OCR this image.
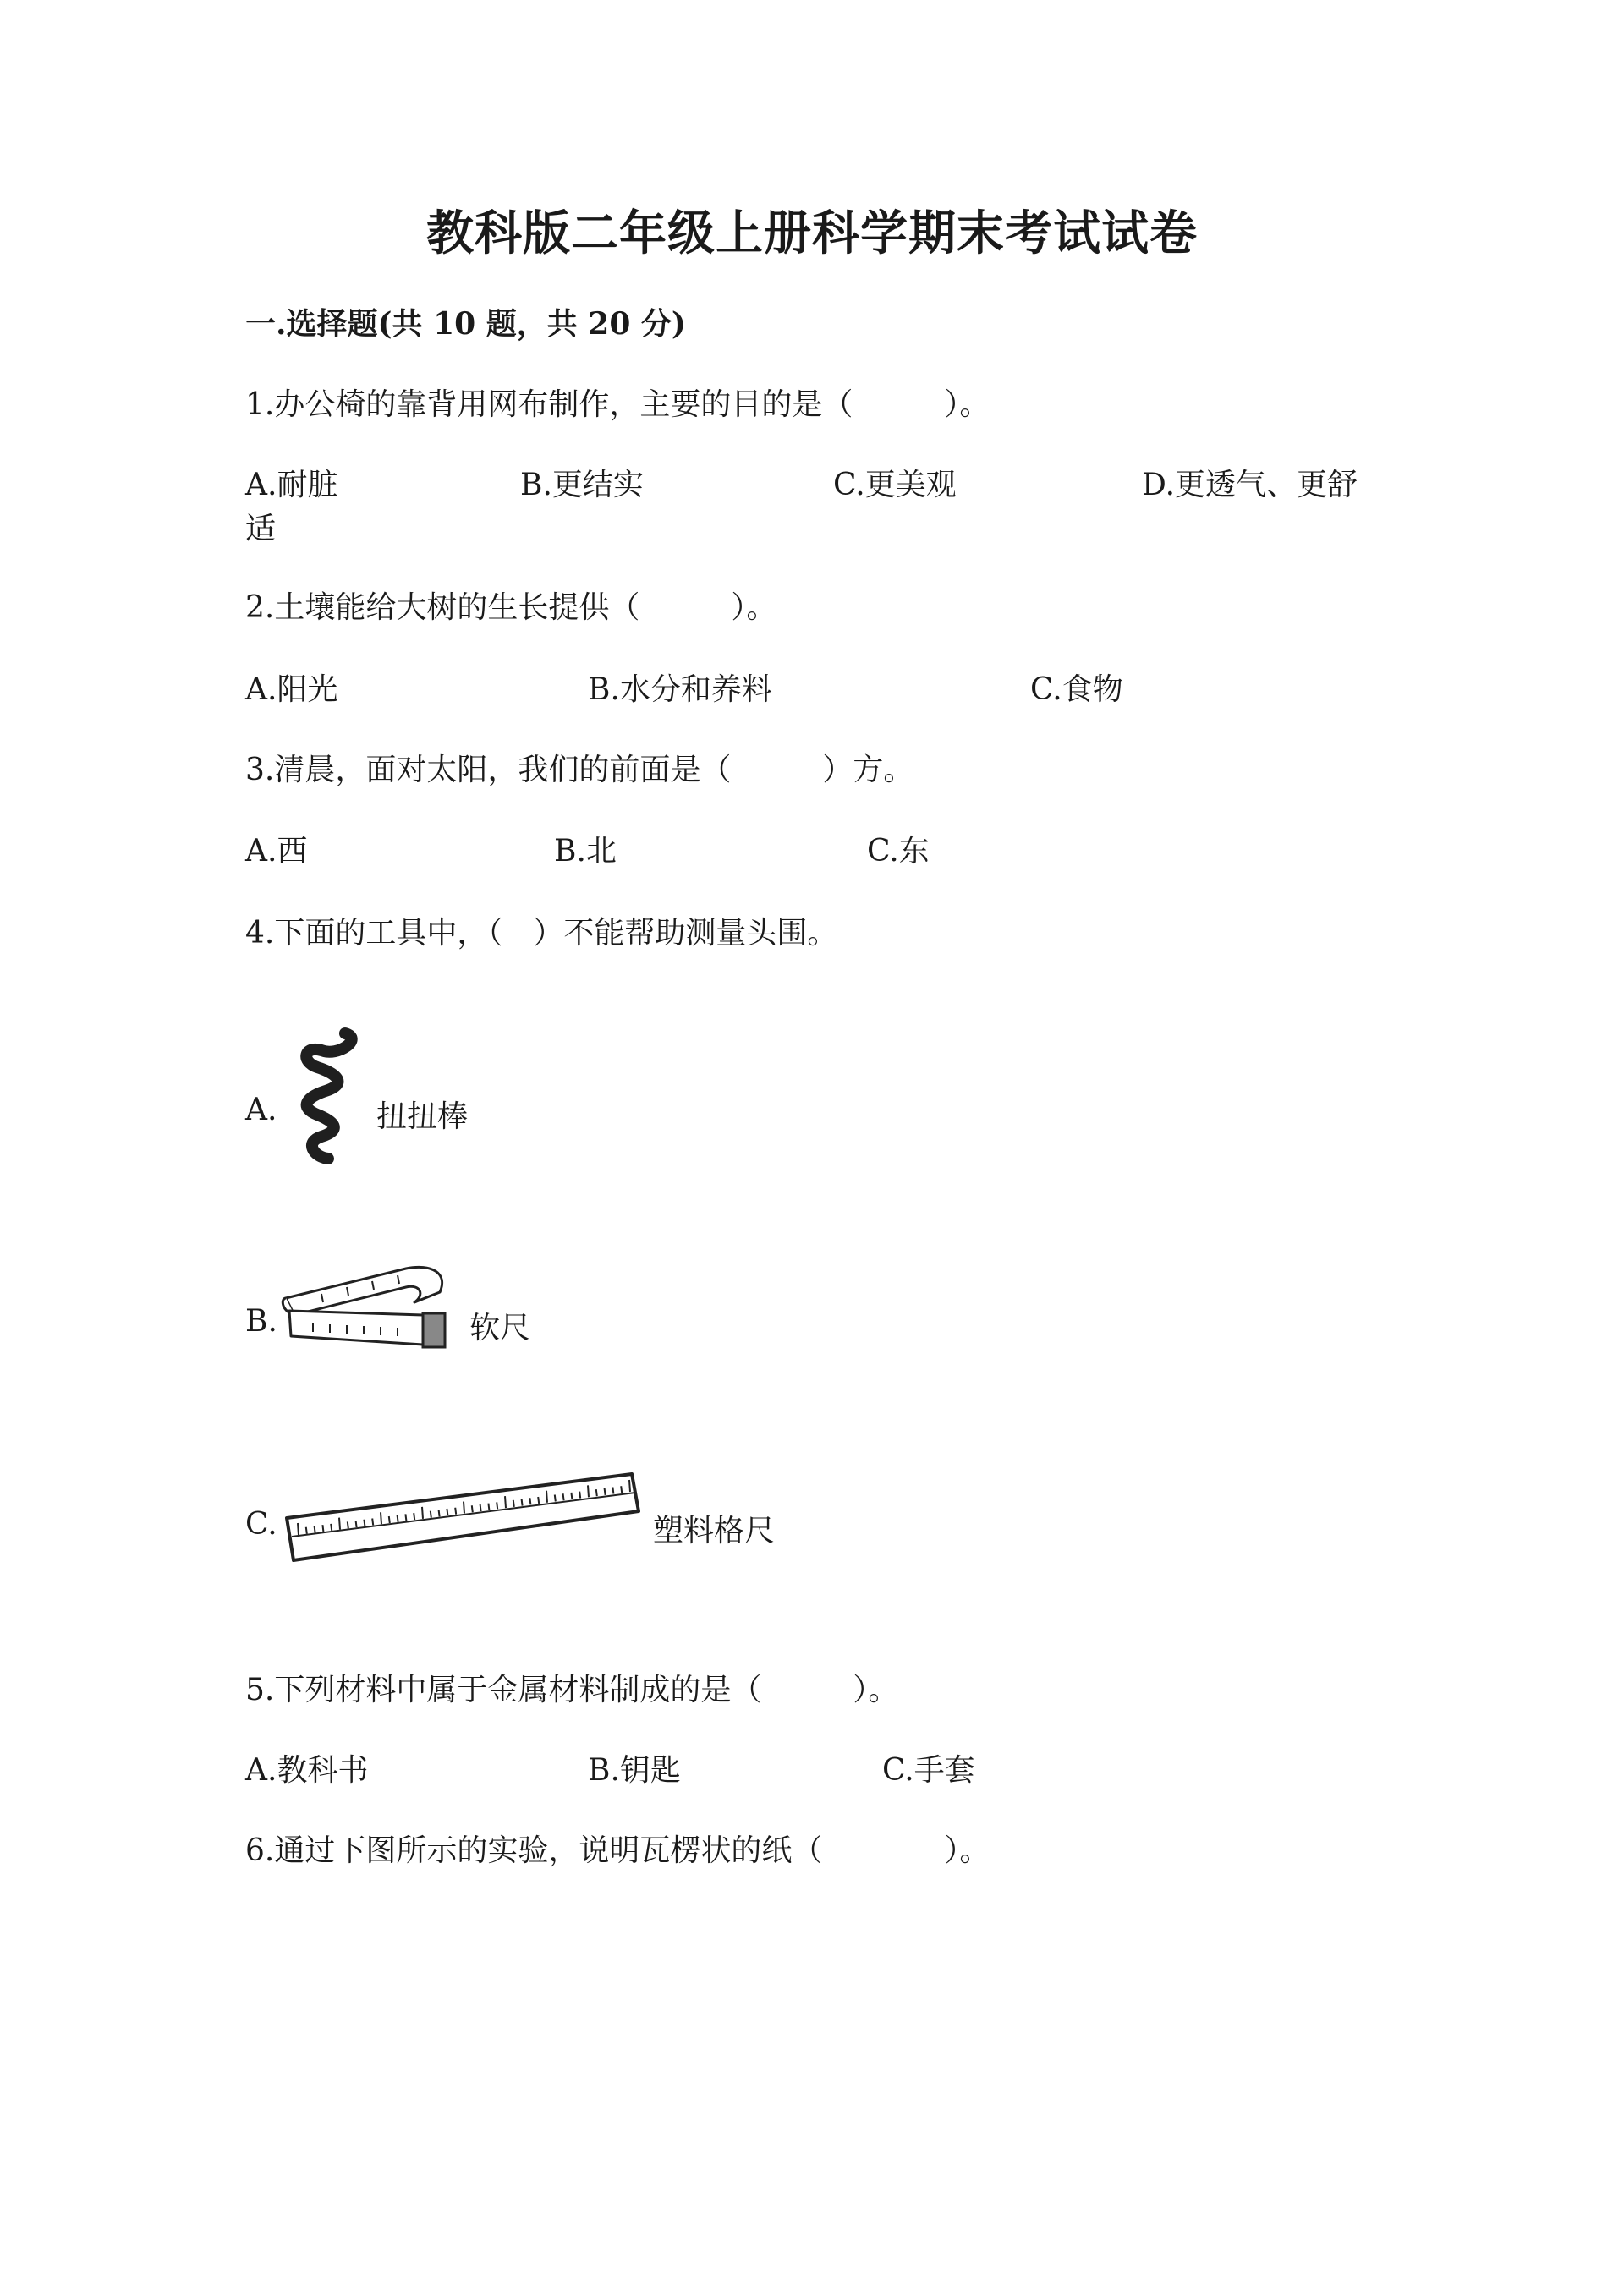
教科版二年级上册科学期末考试试卷
一.选择题(共 10 题，共 20 分)
1.办公椅的靠背用网布制作，主要的目的是（　　　）。
A.耐脏	B.更结实	C.更美观	D.更透气、更舒
适
2.土壤能给大树的生长提供（　　　）。
A.阳光	B.水分和养料	C.食物
3.清晨，面对太阳，我们的前面是（　　　）方。
A.西	B.北	C.东
4.下面的工具中，（　）不能帮助测量头围。
A.	扭扭棒
B.	软尺
C.	塑料格尺
5.下列材料中属于金属材料制成的是（　　　）。
A.教科书	B.钥匙	C.手套
6.通过下图所示的实验，说明瓦楞状的纸（　　　　）。
